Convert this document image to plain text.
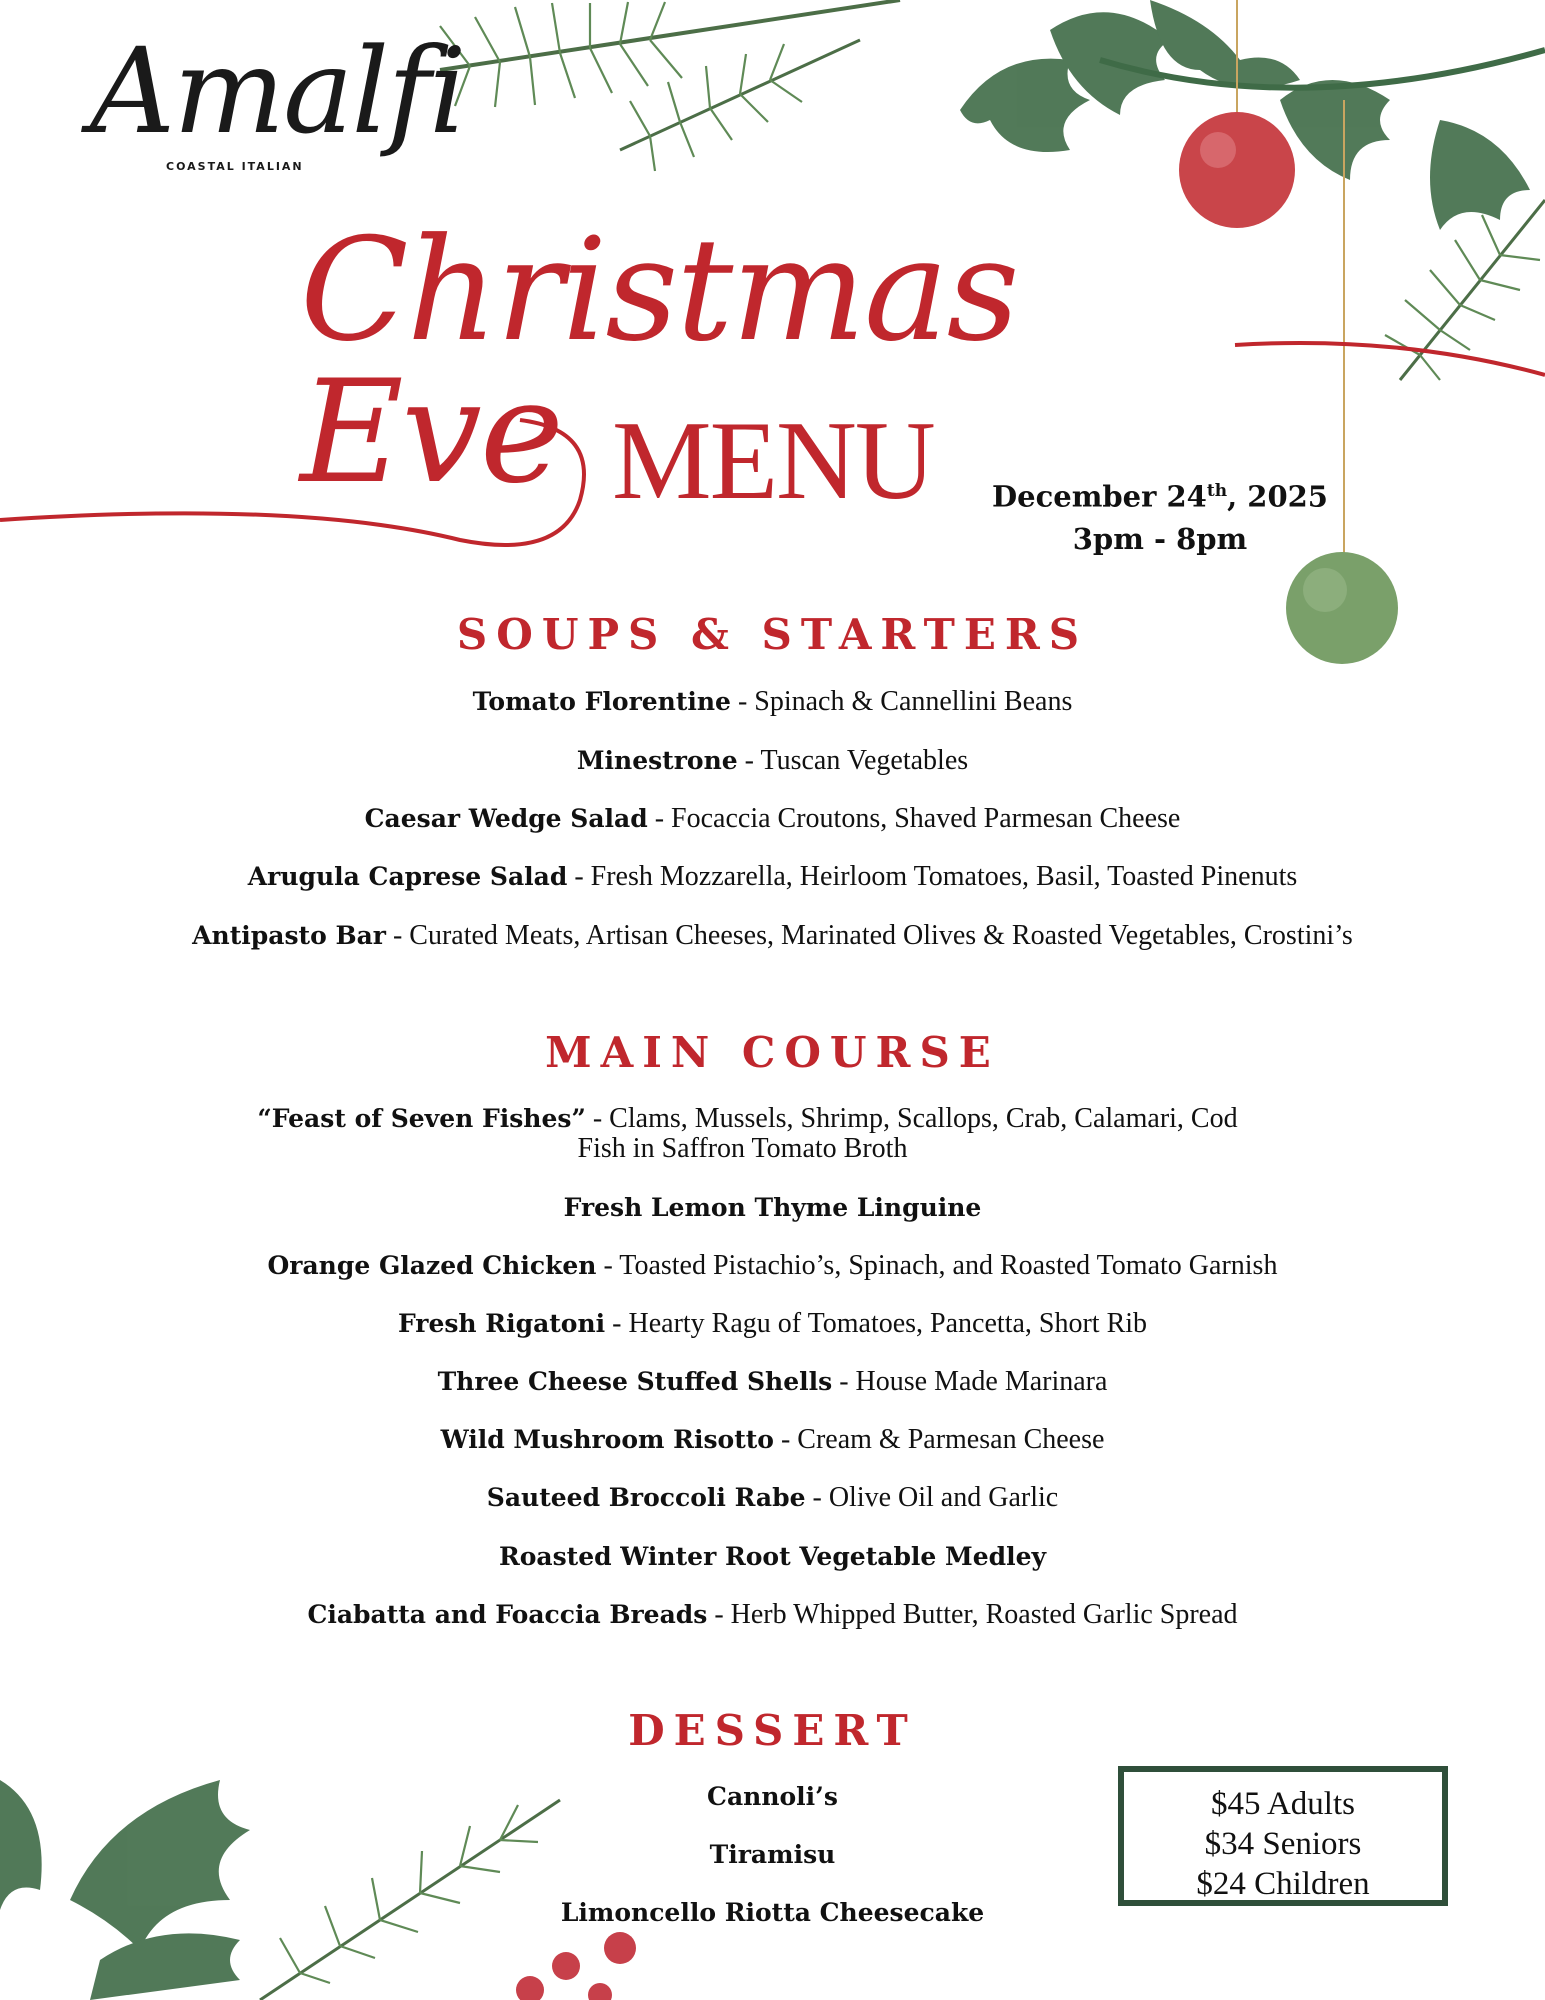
Amalfi
COASTAL ITALIAN
Christmas Eve MENU	December 24th, 2025
3pm - 8pm
SOUPS & STARTERS
Tomato Florentine - Spinach & Cannellini Beans
Minestrone - Tuscan Vegetables
Caesar Wedge Salad - Focaccia Croutons, Shaved Parmesan Cheese
Arugula Caprese Salad - Fresh Mozzarella, Heirloom Tomatoes, Basil, Toasted Pinenuts
Antipasto Bar - Curated Meats, Artisan Cheeses, Marinated Olives & Roasted Vegetables, Crostini’s
MAIN COURSE
“Feast of Seven Fishes” - Clams, Mussels, Shrimp, Scallops, Crab, Calamari, Cod
Fish in Saffron Tomato Broth
Fresh Lemon Thyme Linguine
Orange Glazed Chicken - Toasted Pistachio’s, Spinach, and Roasted Tomato Garnish
Fresh Rigatoni - Hearty Ragu of Tomatoes, Pancetta, Short Rib
Three Cheese Stuffed Shells - House Made Marinara
Wild Mushroom Risotto - Cream & Parmesan Cheese
Sauteed Broccoli Rabe - Olive Oil and Garlic
Roasted Winter Root Vegetable Medley
Ciabatta and Foaccia Breads - Herb Whipped Butter, Roasted Garlic Spread
DESSERT
Cannoli’s
Tiramisu
Limoncello Riotta Cheesecake
$45 Adults
$34 Seniors
$24 Children
